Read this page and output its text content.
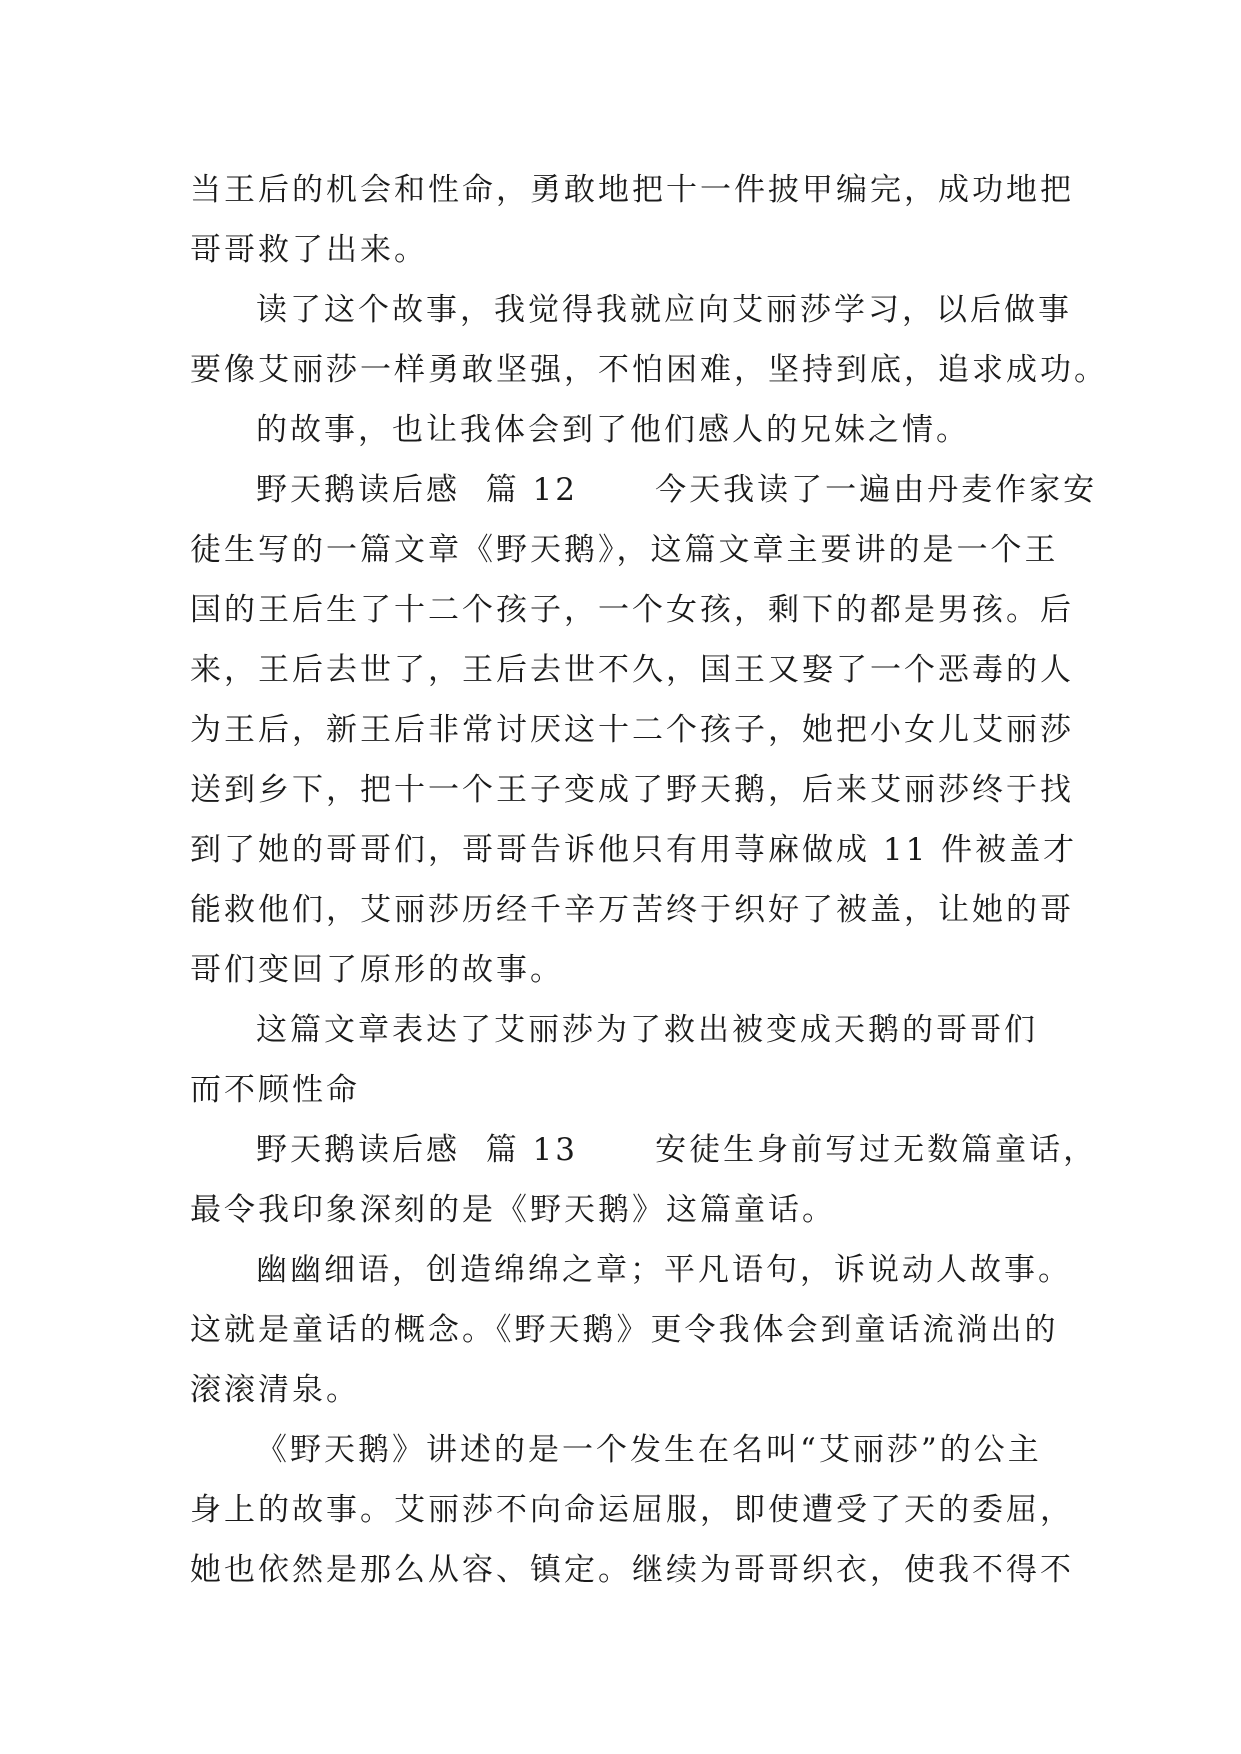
当王后的机会和性命，勇敢地把十一件披甲编完，成功地把
哥哥救了出来。
读了这个故事，我觉得我就应向艾丽莎学习，以后做事
要像艾丽莎一样勇敢坚强，不怕困难，坚持到底，追求成功。
的故事，也让我体会到了他们感人的兄妹之情。
野天鹅读后感  篇 12      今天我读了一遍由丹麦作家安
徒生写的一篇文章《野天鹅》，这篇文章主要讲的是一个王
国的王后生了十二个孩子，一个女孩，剩下的都是男孩。后
来，王后去世了，王后去世不久，国王又娶了一个恶毒的人
为王后，新王后非常讨厌这十二个孩子，她把小女儿艾丽莎
送到乡下，把十一个王子变成了野天鹅，后来艾丽莎终于找
到了她的哥哥们，哥哥告诉他只有用荨麻做成 11 件被盖才
能救他们，艾丽莎历经千辛万苦终于织好了被盖，让她的哥
哥们变回了原形的故事。
这篇文章表达了艾丽莎为了救出被变成天鹅的哥哥们
而不顾性命
野天鹅读后感  篇 13      安徒生身前写过无数篇童话，
最令我印象深刻的是《野天鹅》这篇童话。
幽幽细语，创造绵绵之章；平凡语句，诉说动人故事。
这就是童话的概念。《野天鹅》更令我体会到童话流淌出的
滚滚清泉。
《野天鹅》讲述的是一个发生在名叫“艾丽莎”的公主
身上的故事。艾丽莎不向命运屈服，即使遭受了天的委屈，
她也依然是那么从容、镇定。继续为哥哥织衣，使我不得不
